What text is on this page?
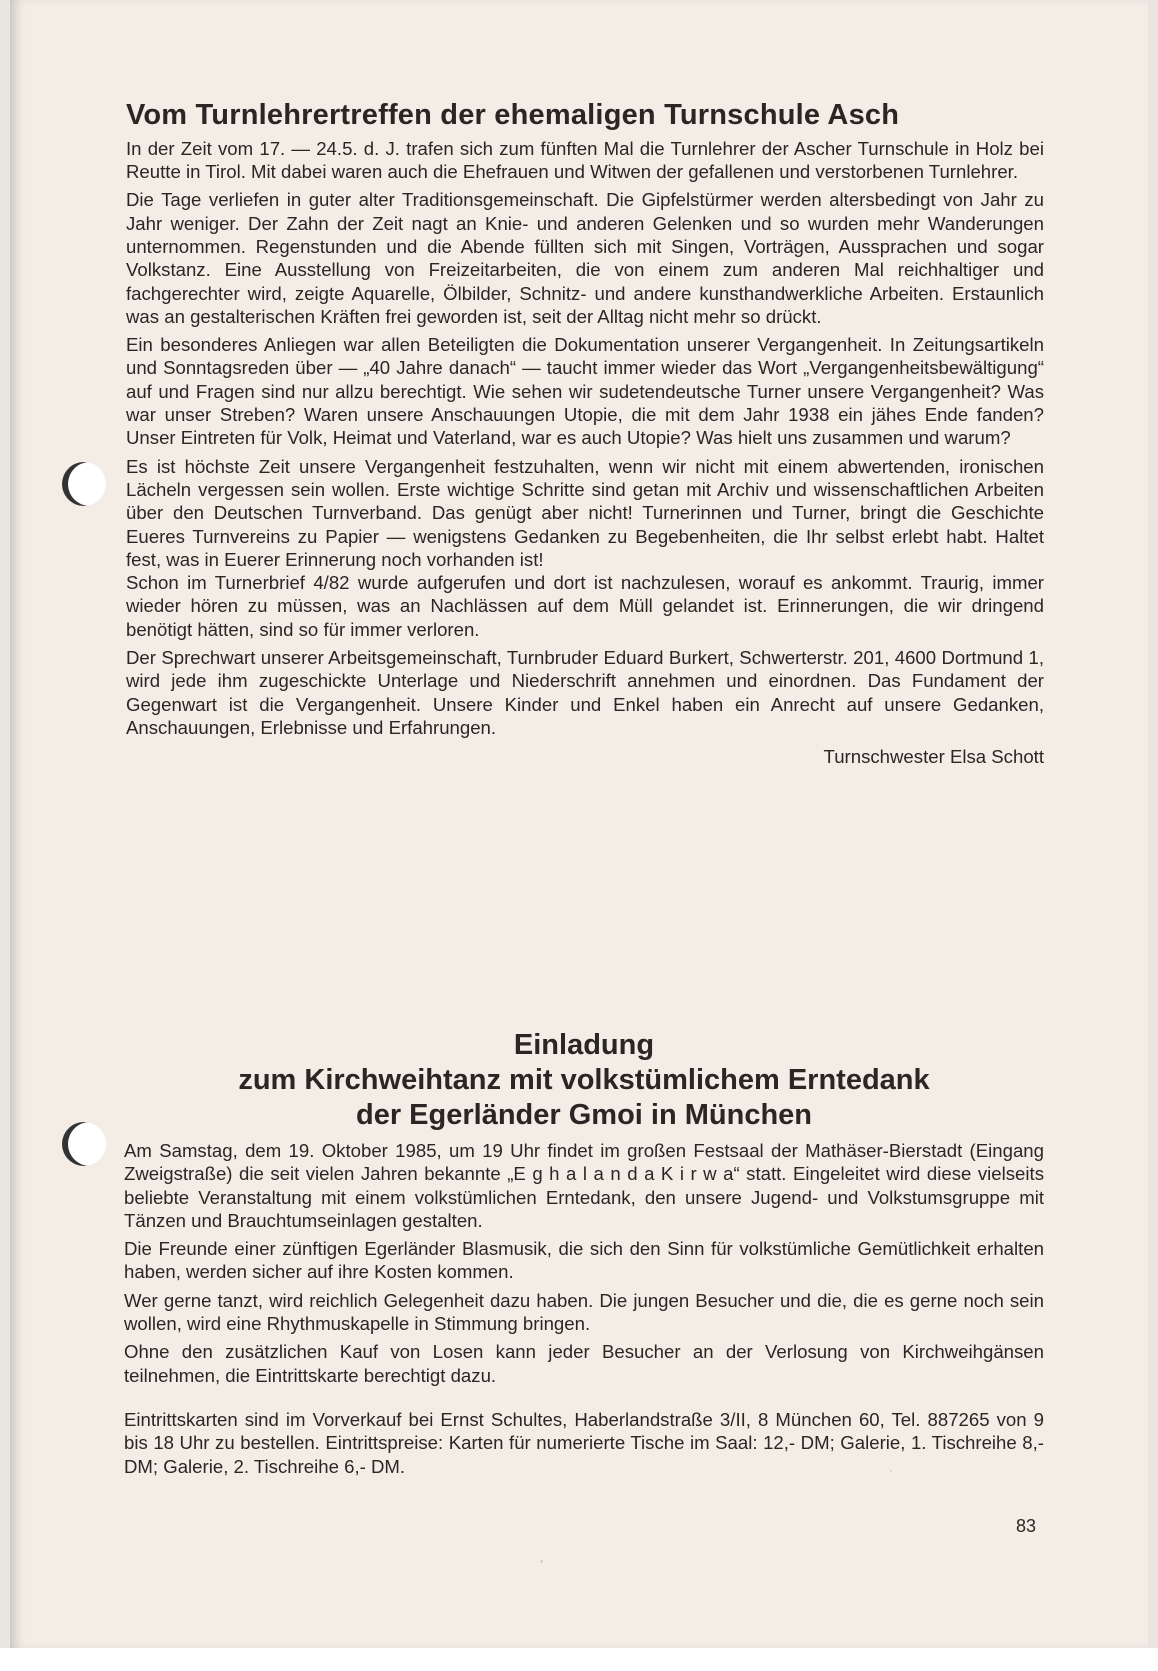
Vom Turnlehrertreffen der ehemaligen Turnschule Asch

In der Zeit vom 17. — 24.5. d. J. trafen sich zum fünften Mal die Turnlehrer der Ascher Turnschule in Holz bei Reutte in Tirol. Mit dabei waren auch die Ehefrauen und Witwen der gefallenen und verstorbenen Turnlehrer.

Die Tage verliefen in guter alter Traditionsgemeinschaft. Die Gipfelstürmer werden altersbedingt von Jahr zu Jahr weniger. Der Zahn der Zeit nagt an Knie- und anderen Gelenken und so wurden mehr Wanderungen unternommen. Regenstunden und die Abende füllten sich mit Singen, Vorträgen, Aussprachen und sogar Volkstanz. Eine Ausstellung von Freizeitarbeiten, die von einem zum anderen Mal reichhaltiger und fachgerechter wird, zeigte Aquarelle, Ölbilder, Schnitz- und andere kunsthandwerkliche Arbeiten. Erstaunlich was an gestalterischen Kräften frei geworden ist, seit der Alltag nicht mehr so drückt.

Ein besonderes Anliegen war allen Beteiligten die Dokumentation unserer Vergangenheit. In Zeitungsartikeln und Sonntagsreden über — „40 Jahre danach“ — taucht immer wieder das Wort „Vergangenheitsbewältigung“ auf und Fragen sind nur allzu berechtigt. Wie sehen wir sudetendeutsche Turner unsere Vergangenheit? Was war unser Streben? Waren unsere Anschauungen Utopie, die mit dem Jahr 1938 ein jähes Ende fanden? Unser Eintreten für Volk, Heimat und Vaterland, war es auch Utopie? Was hielt uns zusammen und warum?

Es ist höchste Zeit unsere Vergangenheit festzuhalten, wenn wir nicht mit einem abwertenden, ironischen Lächeln vergessen sein wollen. Erste wichtige Schritte sind getan mit Archiv und wissenschaftlichen Arbeiten über den Deutschen Turnverband. Das genügt aber nicht! Turnerinnen und Turner, bringt die Geschichte Eueres Turnvereins zu Papier — wenigstens Gedanken zu Begebenheiten, die Ihr selbst erlebt habt. Haltet fest, was in Euerer Erinnerung noch vorhanden ist!

Schon im Turnerbrief 4/82 wurde aufgerufen und dort ist nachzulesen, worauf es ankommt. Traurig, immer wieder hören zu müssen, was an Nachlässen auf dem Müll gelandet ist. Erinnerungen, die wir dringend benötigt hätten, sind so für immer verloren.

Der Sprechwart unserer Arbeitsgemeinschaft, Turnbruder Eduard Burkert, Schwerterstr. 201, 4600 Dortmund 1, wird jede ihm zugeschickte Unterlage und Niederschrift annehmen und einordnen. Das Fundament der Gegenwart ist die Vergangenheit. Unsere Kinder und Enkel haben ein Anrecht auf unsere Gedanken, Anschauungen, Erlebnisse und Erfahrungen.

Turnschwester Elsa Schott

Einladung
zum Kirchweihtanz mit volkstümlichem Erntedank
der Egerländer Gmoi in München

Am Samstag, dem 19. Oktober 1985, um 19 Uhr findet im großen Festsaal der Mathäser-Bierstadt (Eingang Zweigstraße) die seit vielen Jahren bekannte „E g h a l a n d a K i r w a“ statt. Eingeleitet wird diese vielseits beliebte Veranstaltung mit einem volkstümlichen Erntedank, den unsere Jugend- und Volkstumsgruppe mit Tänzen und Brauchtumseinlagen gestalten.

Die Freunde einer zünftigen Egerländer Blasmusik, die sich den Sinn für volkstümliche Gemütlichkeit erhalten haben, werden sicher auf ihre Kosten kommen.

Wer gerne tanzt, wird reichlich Gelegenheit dazu haben. Die jungen Besucher und die, die es gerne noch sein wollen, wird eine Rhythmuskapelle in Stimmung bringen.

Ohne den zusätzlichen Kauf von Losen kann jeder Besucher an der Verlosung von Kirchweihgänsen teilnehmen, die Eintrittskarte berechtigt dazu.

Eintrittskarten sind im Vorverkauf bei Ernst Schultes, Haberlandstraße 3/II, 8 München 60, Tel. 887265 von 9 bis 18 Uhr zu bestellen. Eintrittspreise: Karten für numerierte Tische im Saal: 12,- DM; Galerie, 1. Tischreihe 8,- DM; Galerie, 2. Tischreihe 6,- DM.

83
